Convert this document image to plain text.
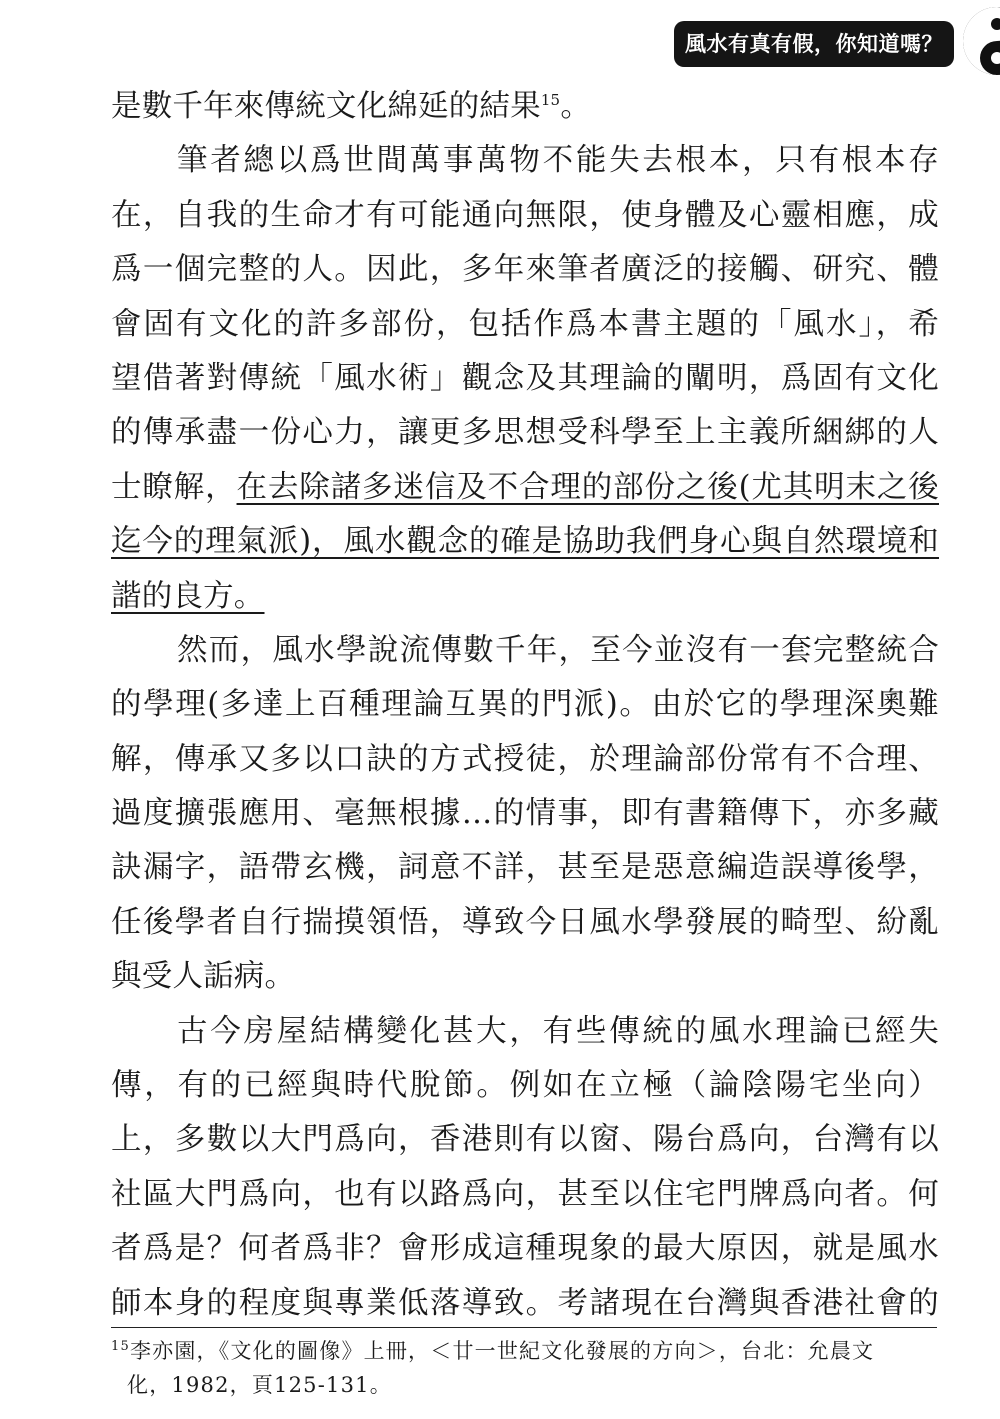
風水有真有假，你知道嗎？
是數千年來傳統文化綿延的結果$^{15}$。
筆者總以爲世間萬事萬物不能失去根本，只有根本存
在，自我的生命才有可能通向無限，使身體及心靈相應，成
爲一個完整的人。因此，多年來筆者廣泛的接觸、研究、體
會固有文化的許多部份，包括作爲本書主題的「風水」，希
望借著對傳統「風水術」觀念及其理論的闡明，爲固有文化
的傳承盡一份心力，讓更多思想受科學至上主義所綑綁的人
士瞭解，在去除諸多迷信及不合理的部份之後(尤其明末之後
迄今的理氣派)，風水觀念的確是協助我們身心與自然環境和
諧的良方。
然而，風水學說流傳數千年，至今並沒有一套完整統合
的學理(多達上百種理論互異的門派)。由於它的學理深奧難
解，傳承又多以口訣的方式授徒，於理論部份常有不合理、
過度擴張應用、毫無根據…的情事，即有書籍傳下，亦多藏
訣漏字，語帶玄機，詞意不詳，甚至是惡意編造誤導後學，
任後學者自行揣摸領悟，導致今日風水學發展的畸型、紛亂
與受人詬病。
古今房屋結構變化甚大，有些傳統的風水理論已經失
傳，有的已經與時代脫節。例如在立極（論陰陽宅坐向）
上，多數以大門爲向，香港則有以窗、陽台爲向，台灣有以
社區大門爲向，也有以路爲向，甚至以住宅門牌爲向者。何
者爲是？何者爲非？會形成這種現象的最大原因，就是風水
師本身的程度與專業低落導致。考諸現在台灣與香港社會的
$^{15}$李亦園，《文化的圖像》上冊，＜廿一世紀文化發展的方向＞，台北：允晨文
化，1982，頁125-131。
